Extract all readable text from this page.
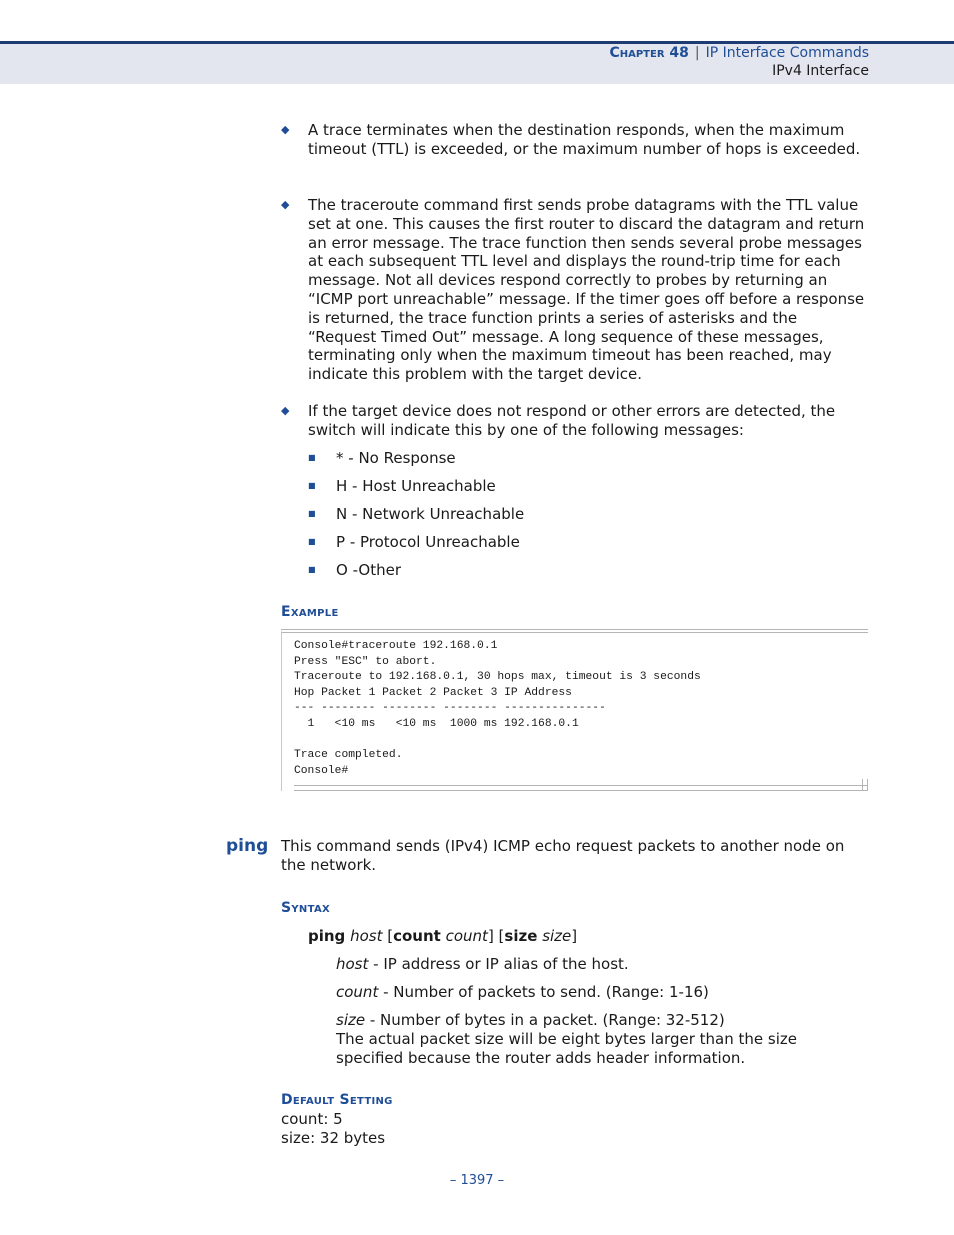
Chapter 48 | IP Interface Commands
IPv4 Interface
◆ A trace terminates when the destination responds, when the maximum timeout (TTL) is exceeded, or the maximum number of hops is exceeded.
◆ The traceroute command first sends probe datagrams with the TTL value set at one. This causes the first router to discard the datagram and return an error message. The trace function then sends several probe messages at each subsequent TTL level and displays the round-trip time for each message. Not all devices respond correctly to probes by returning an “ICMP port unreachable” message. If the timer goes off before a response is returned, the trace function prints a series of asterisks and the “Request Timed Out” message. A long sequence of these messages, terminating only when the maximum timeout has been reached, may indicate this problem with the target device.
◆ If the target device does not respond or other errors are detected, the switch will indicate this by one of the following messages:
■ * - No Response
■ H - Host Unreachable
■ N - Network Unreachable
■ P - Protocol Unreachable
■ O -Other
Example
Console#traceroute 192.168.0.1
Press "ESC" to abort.
Traceroute to 192.168.0.1, 30 hops max, timeout is 3 seconds
Hop Packet 1 Packet 2 Packet 3 IP Address
--- -------- -------- -------- ---------------
1   <10 ms   <10 ms  1000 ms 192.168.0.1

Trace completed.
Console#
ping This command sends (IPv4) ICMP echo request packets to another node on the network.
Syntax
ping host [count count] [size size]
host - IP address or IP alias of the host.
count - Number of packets to send. (Range: 1-16)
size - Number of bytes in a packet. (Range: 32-512)
The actual packet size will be eight bytes larger than the size specified because the router adds header information.
Default Setting
count: 5
size: 32 bytes
– 1397 –
